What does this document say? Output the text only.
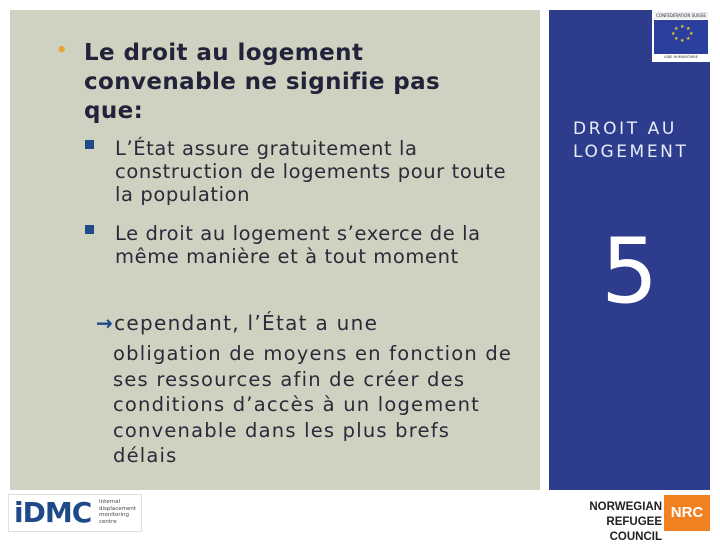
• Le droit au logement convenable ne signifie pas que:
L’État assure gratuitement la construction de logements pour toute la population
Le droit au logement s’exerce de la même manière et à tout moment
→cependant, l’État a une
obligation de moyens en fonction de ses ressources afin de créer des conditions d’accès à un logement convenable dans les plus brefs délais
CONFÉDÉRATION SUISSE
★ ★
★
★
★
★
★
★
AIDE HUMANITAIRE
DROIT AU LOGEMENT
5
iDMC Internal displacement monitoring centre
NORWEGIAN REFUGEE COUNCIL
NRC
